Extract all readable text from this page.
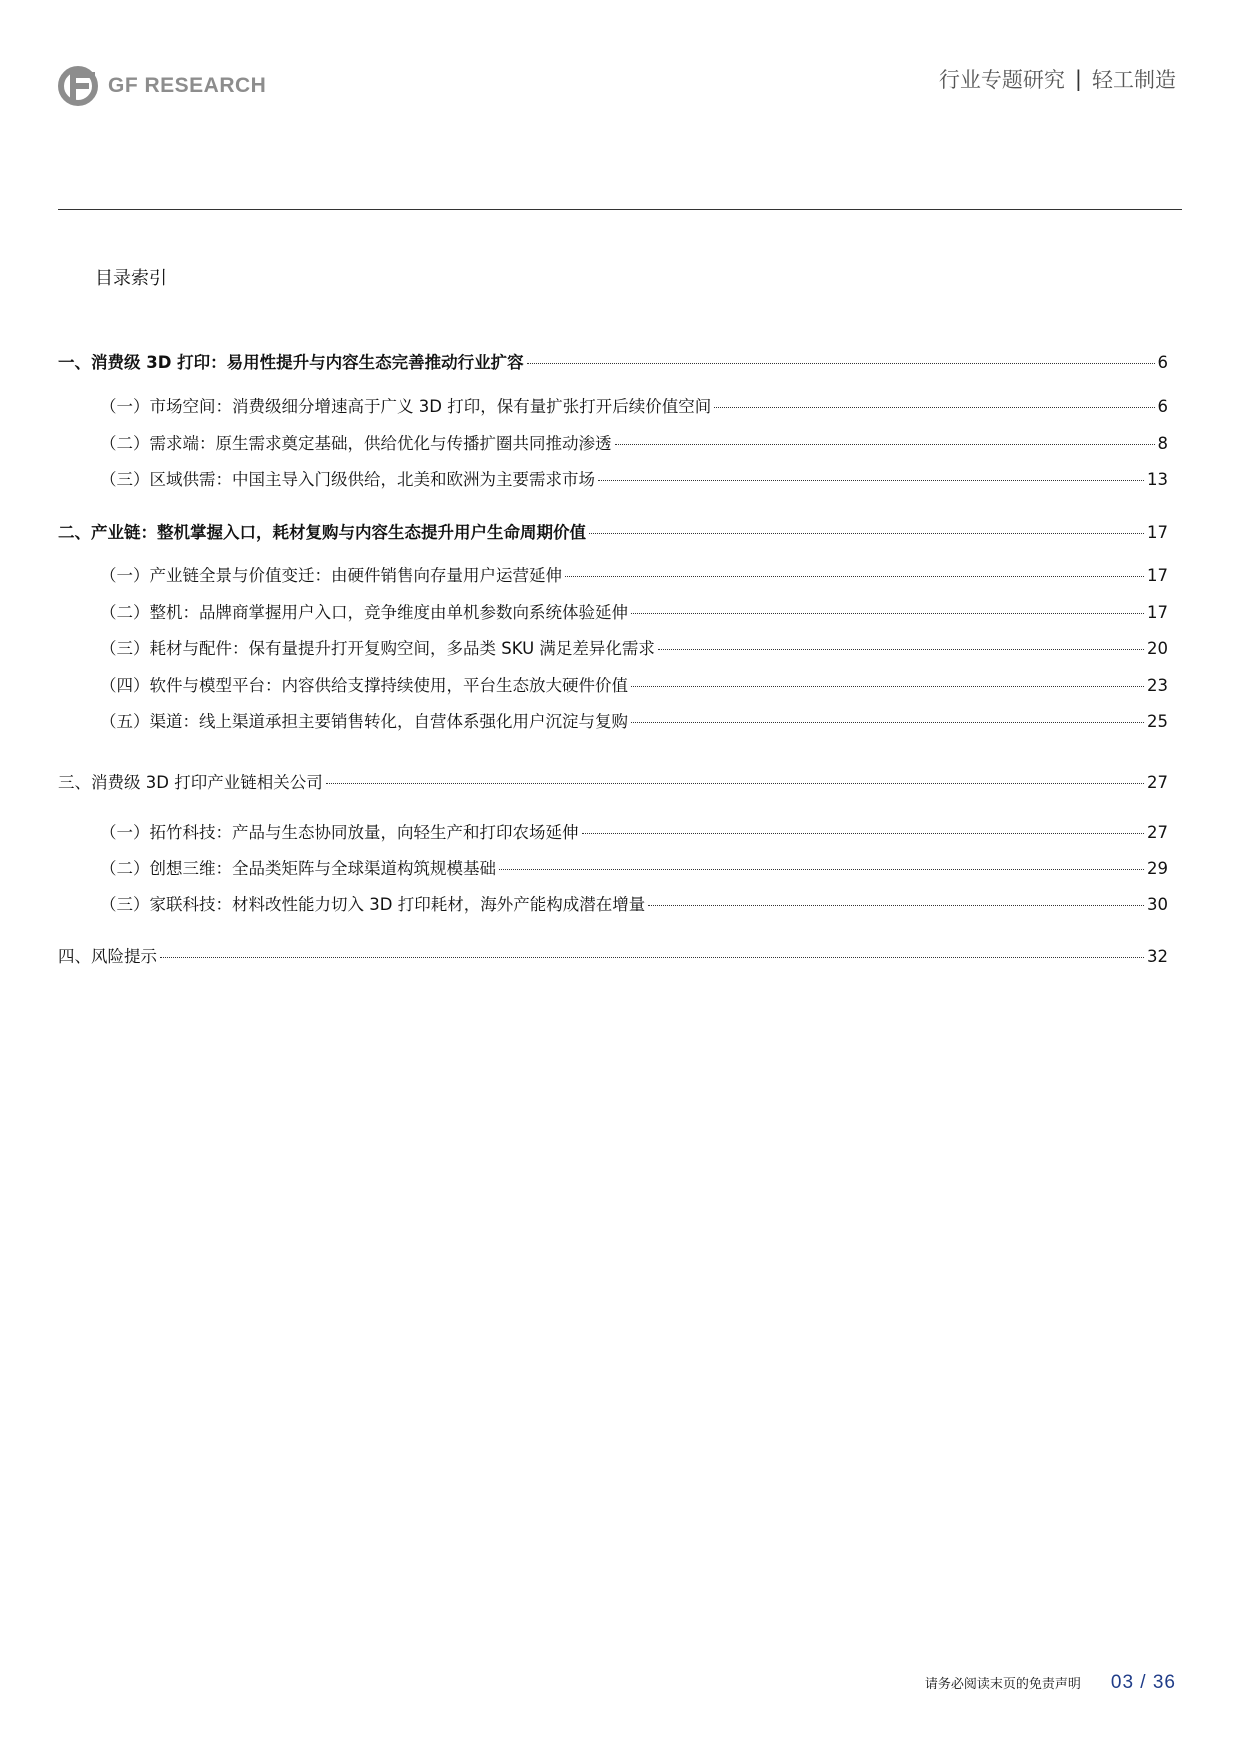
GF RESEARCH	行业专题研究 | 轻工制造
目录索引
一、消费级 3D 打印：易用性提升与内容生态完善推动行业扩容	6
（一）市场空间：消费级细分增速高于广义 3D 打印，保有量扩张打开后续价值空间	6
（二）需求端：原生需求奠定基础，供给优化与传播扩圈共同推动渗透	8
（三）区域供需：中国主导入门级供给，北美和欧洲为主要需求市场	13
二、产业链：整机掌握入口，耗材复购与内容生态提升用户生命周期价值	17
（一）产业链全景与价值变迁：由硬件销售向存量用户运营延伸	17
（二）整机：品牌商掌握用户入口，竞争维度由单机参数向系统体验延伸	17
（三）耗材与配件：保有量提升打开复购空间，多品类 SKU 满足差异化需求	20
（四）软件与模型平台：内容供给支撑持续使用，平台生态放大硬件价值	23
（五）渠道：线上渠道承担主要销售转化，自营体系强化用户沉淀与复购	25
三、消费级 3D 打印产业链相关公司	27
（一）拓竹科技：产品与生态协同放量，向轻生产和打印农场延伸	27
（二）创想三维：全品类矩阵与全球渠道构筑规模基础	29
（三）家联科技：材料改性能力切入 3D 打印耗材，海外产能构成潜在增量	30
四、风险提示	32
请务必阅读末页的免责声明 03 / 36
